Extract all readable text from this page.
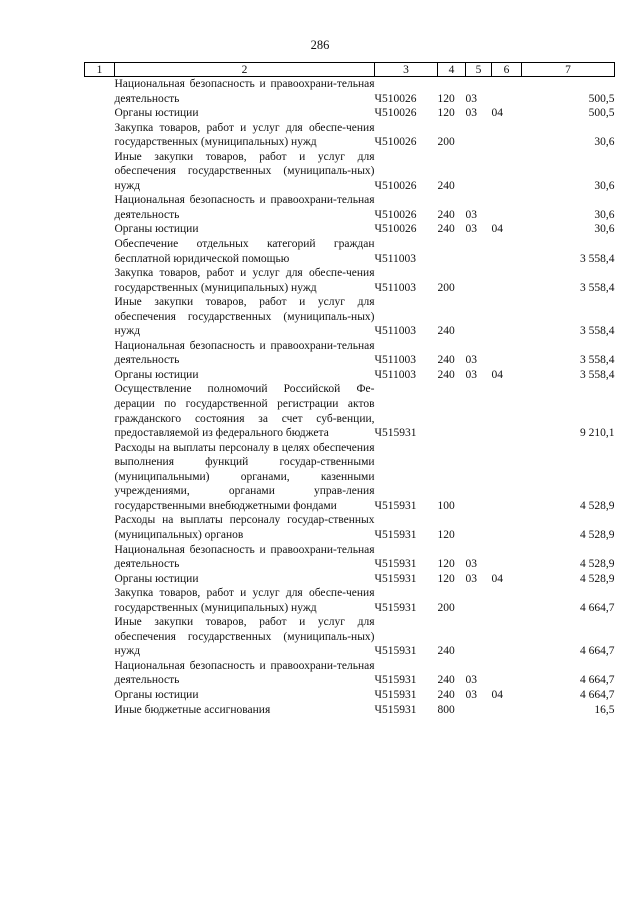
286
1	2	3	4	5	6	7
	Национальная безопасность и правоохрани-тельная деятельность	Ч510026	120	03		500,5
	Органы юстиции	Ч510026	120	03	04	500,5
	Закупка товаров, работ и услуг для обеспе-чения государственных (муниципальных) нужд	Ч510026	200			30,6
	Иные закупки товаров, работ и услуг для обеспечения государственных (муниципаль-ных) нужд	Ч510026	240			30,6
	Национальная безопасность и правоохрани-тельная деятельность	Ч510026	240	03		30,6
	Органы юстиции	Ч510026	240	03	04	30,6
	Обеспечение отдельных категорий граждан бесплатной юридической помощью	Ч511003				3 558,4
	Закупка товаров, работ и услуг для обеспе-чения государственных (муниципальных) нужд	Ч511003	200			3 558,4
	Иные закупки товаров, работ и услуг для обеспечения государственных (муниципаль-ных) нужд	Ч511003	240			3 558,4
	Национальная безопасность и правоохрани-тельная деятельность	Ч511003	240	03		3 558,4
	Органы юстиции	Ч511003	240	03	04	3 558,4
	Осуществление полномочий Российской Фе-дерации по государственной регистрации актов гражданского состояния за счет суб-венции, предоставляемой из федерального бюджета	Ч515931				9 210,1
	Расходы на выплаты персоналу в целях обеспечения выполнения функций государ-ственными (муниципальными) органами, казенными учреждениями, органами управ-ления государственными внебюджетными фондами	Ч515931	100			4 528,9
	Расходы на выплаты персоналу государ-ственных (муниципальных) органов	Ч515931	120			4 528,9
	Национальная безопасность и правоохрани-тельная деятельность	Ч515931	120	03		4 528,9
	Органы юстиции	Ч515931	120	03	04	4 528,9
	Закупка товаров, работ и услуг для обеспе-чения государственных (муниципальных) нужд	Ч515931	200			4 664,7
	Иные закупки товаров, работ и услуг для обеспечения государственных (муниципаль-ных) нужд	Ч515931	240			4 664,7
	Национальная безопасность и правоохрани-тельная деятельность	Ч515931	240	03		4 664,7
	Органы юстиции	Ч515931	240	03	04	4 664,7
	Иные бюджетные ассигнования	Ч515931	800			16,5
